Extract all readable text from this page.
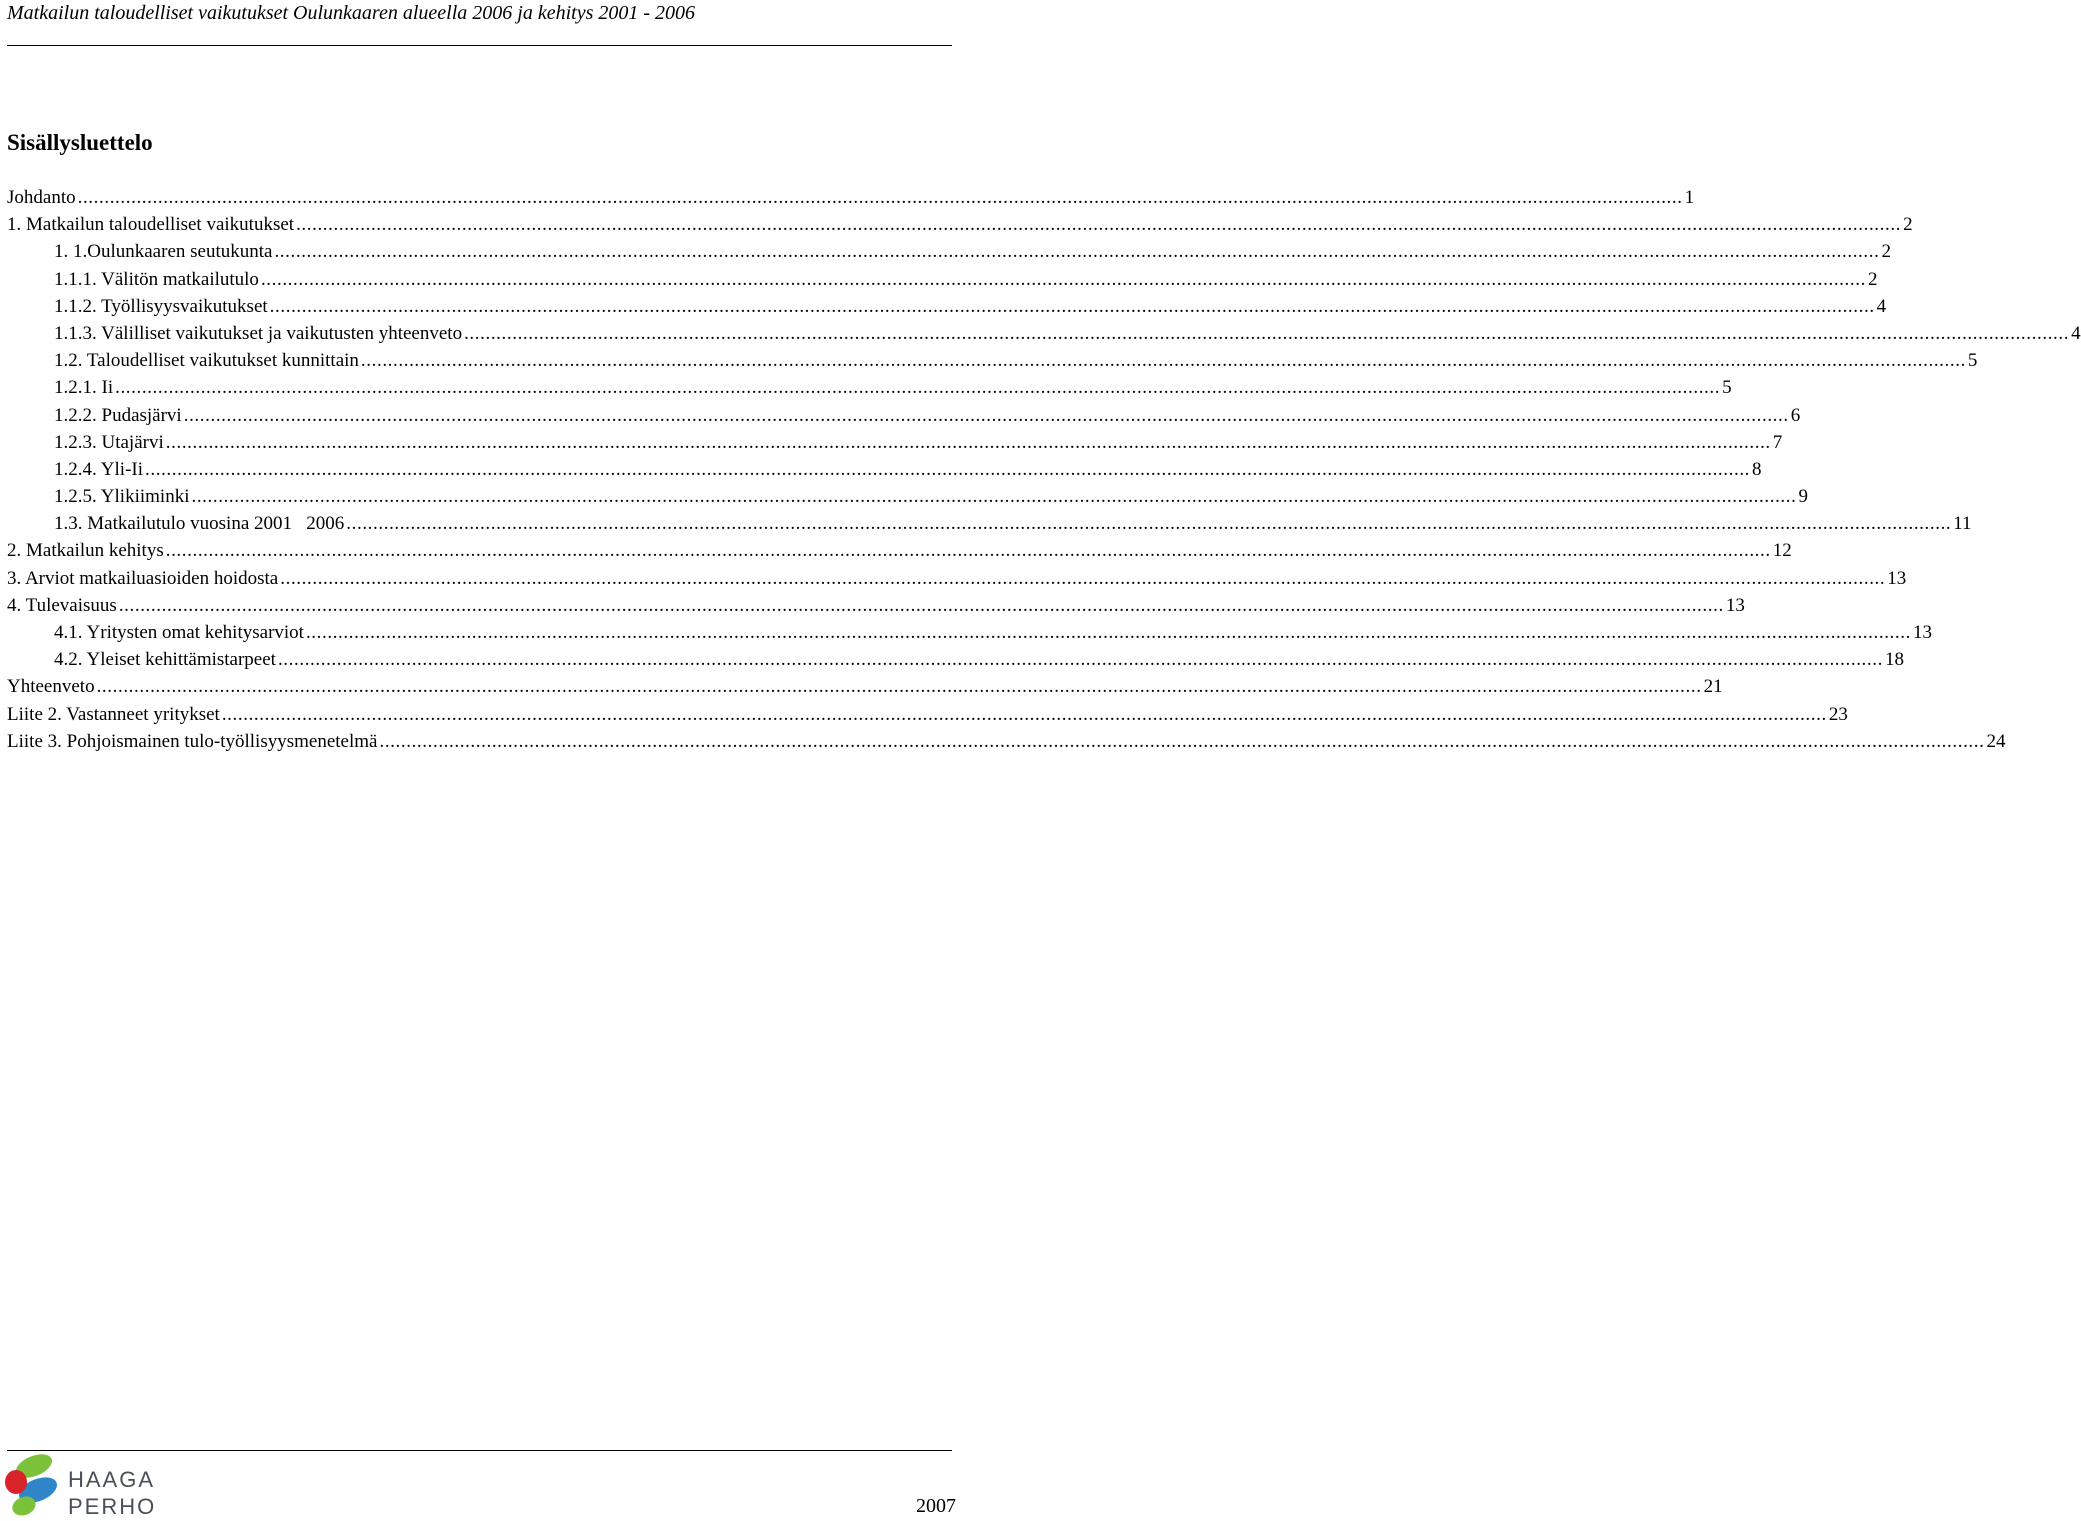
Matkailun taloudelliset vaikutukset Oulunkaaren alueella 2006 ja kehitys 2001 - 2006
Sisällysluettelo
Johdanto ............................................................................................................................................................................................................................................................................................................ 1
1. Matkailun taloudelliset vaikutukset ............................................................................................................................................................................................................................................................................................................ 2
1. 1.Oulunkaaren seutukunta ............................................................................................................................................................................................................................................................................................................ 2
1.1.1. Välitön matkailutulo ............................................................................................................................................................................................................................................................................................................ 2
1.1.2. Työllisyysvaikutukset ............................................................................................................................................................................................................................................................................................................ 4
1.1.3. Välilliset vaikutukset ja vaikutusten yhteenveto ............................................................................................................................................................................................................................................................................................................ 4
1.2. Taloudelliset vaikutukset kunnittain ............................................................................................................................................................................................................................................................................................................ 5
1.2.1. Ii ............................................................................................................................................................................................................................................................................................................ 5
1.2.2. Pudasjärvi ............................................................................................................................................................................................................................................................................................................ 6
1.2.3. Utajärvi ............................................................................................................................................................................................................................................................................................................ 7
1.2.4. Yli-Ii ............................................................................................................................................................................................................................................................................................................ 8
1.2.5. Ylikiiminki ............................................................................................................................................................................................................................................................................................................ 9
1.3. Matkailutulo vuosina 2001   2006 ............................................................................................................................................................................................................................................................................................................ 11
2. Matkailun kehitys ............................................................................................................................................................................................................................................................................................................ 12
3. Arviot matkailuasioiden hoidosta ............................................................................................................................................................................................................................................................................................................ 13
4. Tulevaisuus ............................................................................................................................................................................................................................................................................................................ 13
4.1. Yritysten omat kehitysarviot ............................................................................................................................................................................................................................................................................................................ 13
4.2. Yleiset kehittämistarpeet ............................................................................................................................................................................................................................................................................................................ 18
Yhteenveto ............................................................................................................................................................................................................................................................................................................ 21
Liite 2. Vastanneet yritykset ............................................................................................................................................................................................................................................................................................................ 23
Liite 3. Pohjoismainen tulo-työllisyysmenetelmä ............................................................................................................................................................................................................................................................................................................ 24
HAAGA
PERHO	2007
